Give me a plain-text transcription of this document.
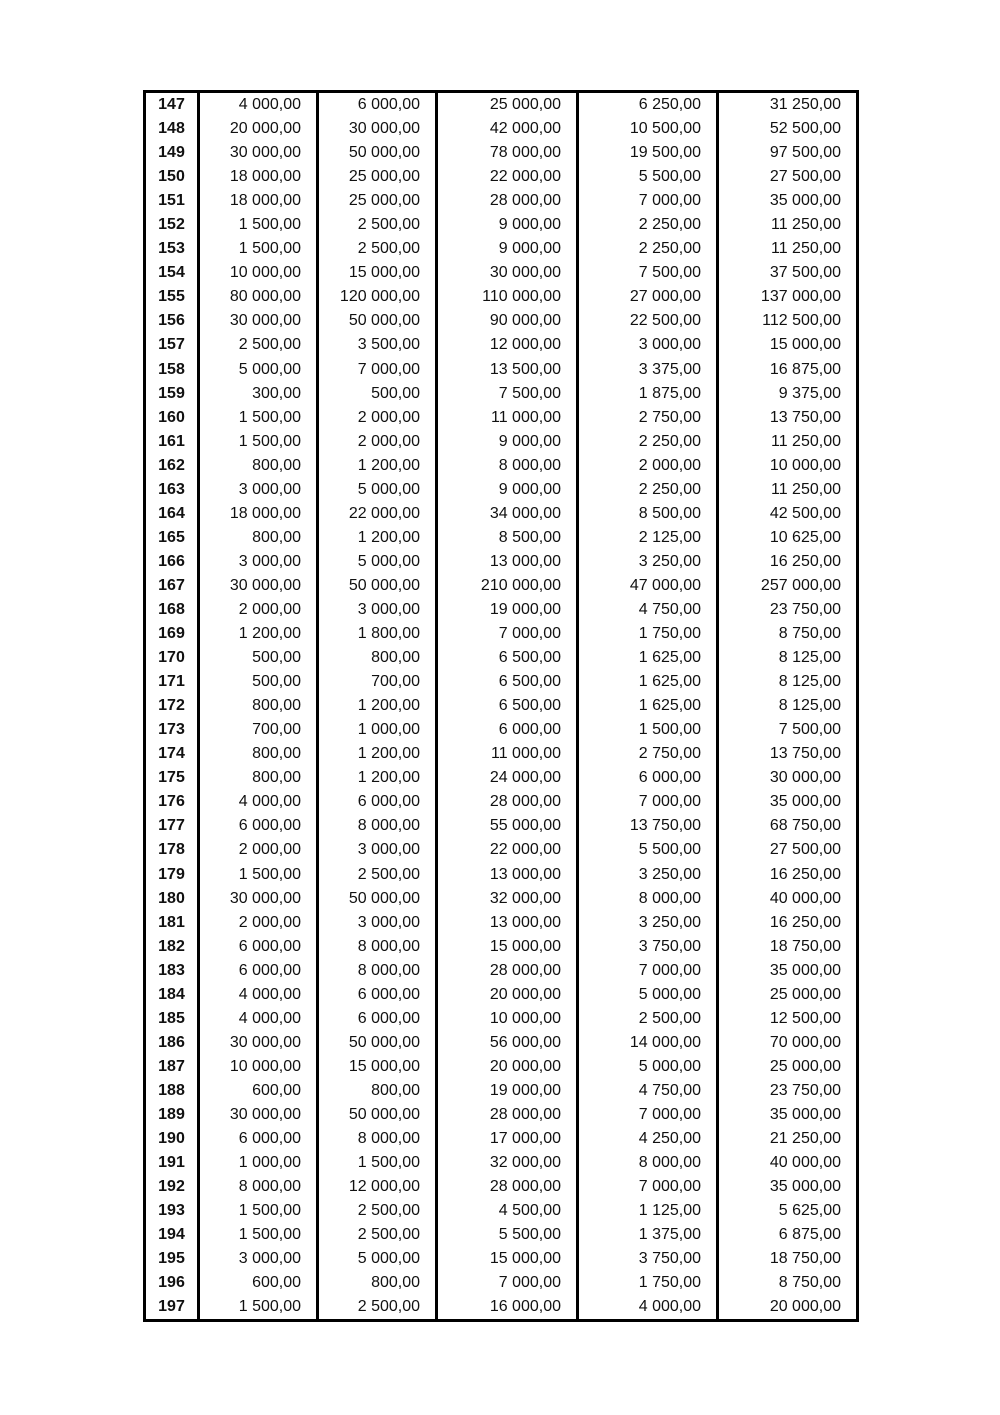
147	4 000,00	6 000,00	25 000,00	6 250,00	31 250,00
148	20 000,00	30 000,00	42 000,00	10 500,00	52 500,00
149	30 000,00	50 000,00	78 000,00	19 500,00	97 500,00
150	18 000,00	25 000,00	22 000,00	5 500,00	27 500,00
151	18 000,00	25 000,00	28 000,00	7 000,00	35 000,00
152	1 500,00	2 500,00	9 000,00	2 250,00	11 250,00
153	1 500,00	2 500,00	9 000,00	2 250,00	11 250,00
154	10 000,00	15 000,00	30 000,00	7 500,00	37 500,00
155	80 000,00	120 000,00	110 000,00	27 000,00	137 000,00
156	30 000,00	50 000,00	90 000,00	22 500,00	112 500,00
157	2 500,00	3 500,00	12 000,00	3 000,00	15 000,00
158	5 000,00	7 000,00	13 500,00	3 375,00	16 875,00
159	300,00	500,00	7 500,00	1 875,00	9 375,00
160	1 500,00	2 000,00	11 000,00	2 750,00	13 750,00
161	1 500,00	2 000,00	9 000,00	2 250,00	11 250,00
162	800,00	1 200,00	8 000,00	2 000,00	10 000,00
163	3 000,00	5 000,00	9 000,00	2 250,00	11 250,00
164	18 000,00	22 000,00	34 000,00	8 500,00	42 500,00
165	800,00	1 200,00	8 500,00	2 125,00	10 625,00
166	3 000,00	5 000,00	13 000,00	3 250,00	16 250,00
167	30 000,00	50 000,00	210 000,00	47 000,00	257 000,00
168	2 000,00	3 000,00	19 000,00	4 750,00	23 750,00
169	1 200,00	1 800,00	7 000,00	1 750,00	8 750,00
170	500,00	800,00	6 500,00	1 625,00	8 125,00
171	500,00	700,00	6 500,00	1 625,00	8 125,00
172	800,00	1 200,00	6 500,00	1 625,00	8 125,00
173	700,00	1 000,00	6 000,00	1 500,00	7 500,00
174	800,00	1 200,00	11 000,00	2 750,00	13 750,00
175	800,00	1 200,00	24 000,00	6 000,00	30 000,00
176	4 000,00	6 000,00	28 000,00	7 000,00	35 000,00
177	6 000,00	8 000,00	55 000,00	13 750,00	68 750,00
178	2 000,00	3 000,00	22 000,00	5 500,00	27 500,00
179	1 500,00	2 500,00	13 000,00	3 250,00	16 250,00
180	30 000,00	50 000,00	32 000,00	8 000,00	40 000,00
181	2 000,00	3 000,00	13 000,00	3 250,00	16 250,00
182	6 000,00	8 000,00	15 000,00	3 750,00	18 750,00
183	6 000,00	8 000,00	28 000,00	7 000,00	35 000,00
184	4 000,00	6 000,00	20 000,00	5 000,00	25 000,00
185	4 000,00	6 000,00	10 000,00	2 500,00	12 500,00
186	30 000,00	50 000,00	56 000,00	14 000,00	70 000,00
187	10 000,00	15 000,00	20 000,00	5 000,00	25 000,00
188	600,00	800,00	19 000,00	4 750,00	23 750,00
189	30 000,00	50 000,00	28 000,00	7 000,00	35 000,00
190	6 000,00	8 000,00	17 000,00	4 250,00	21 250,00
191	1 000,00	1 500,00	32 000,00	8 000,00	40 000,00
192	8 000,00	12 000,00	28 000,00	7 000,00	35 000,00
193	1 500,00	2 500,00	4 500,00	1 125,00	5 625,00
194	1 500,00	2 500,00	5 500,00	1 375,00	6 875,00
195	3 000,00	5 000,00	15 000,00	3 750,00	18 750,00
196	600,00	800,00	7 000,00	1 750,00	8 750,00
197	1 500,00	2 500,00	16 000,00	4 000,00	20 000,00
